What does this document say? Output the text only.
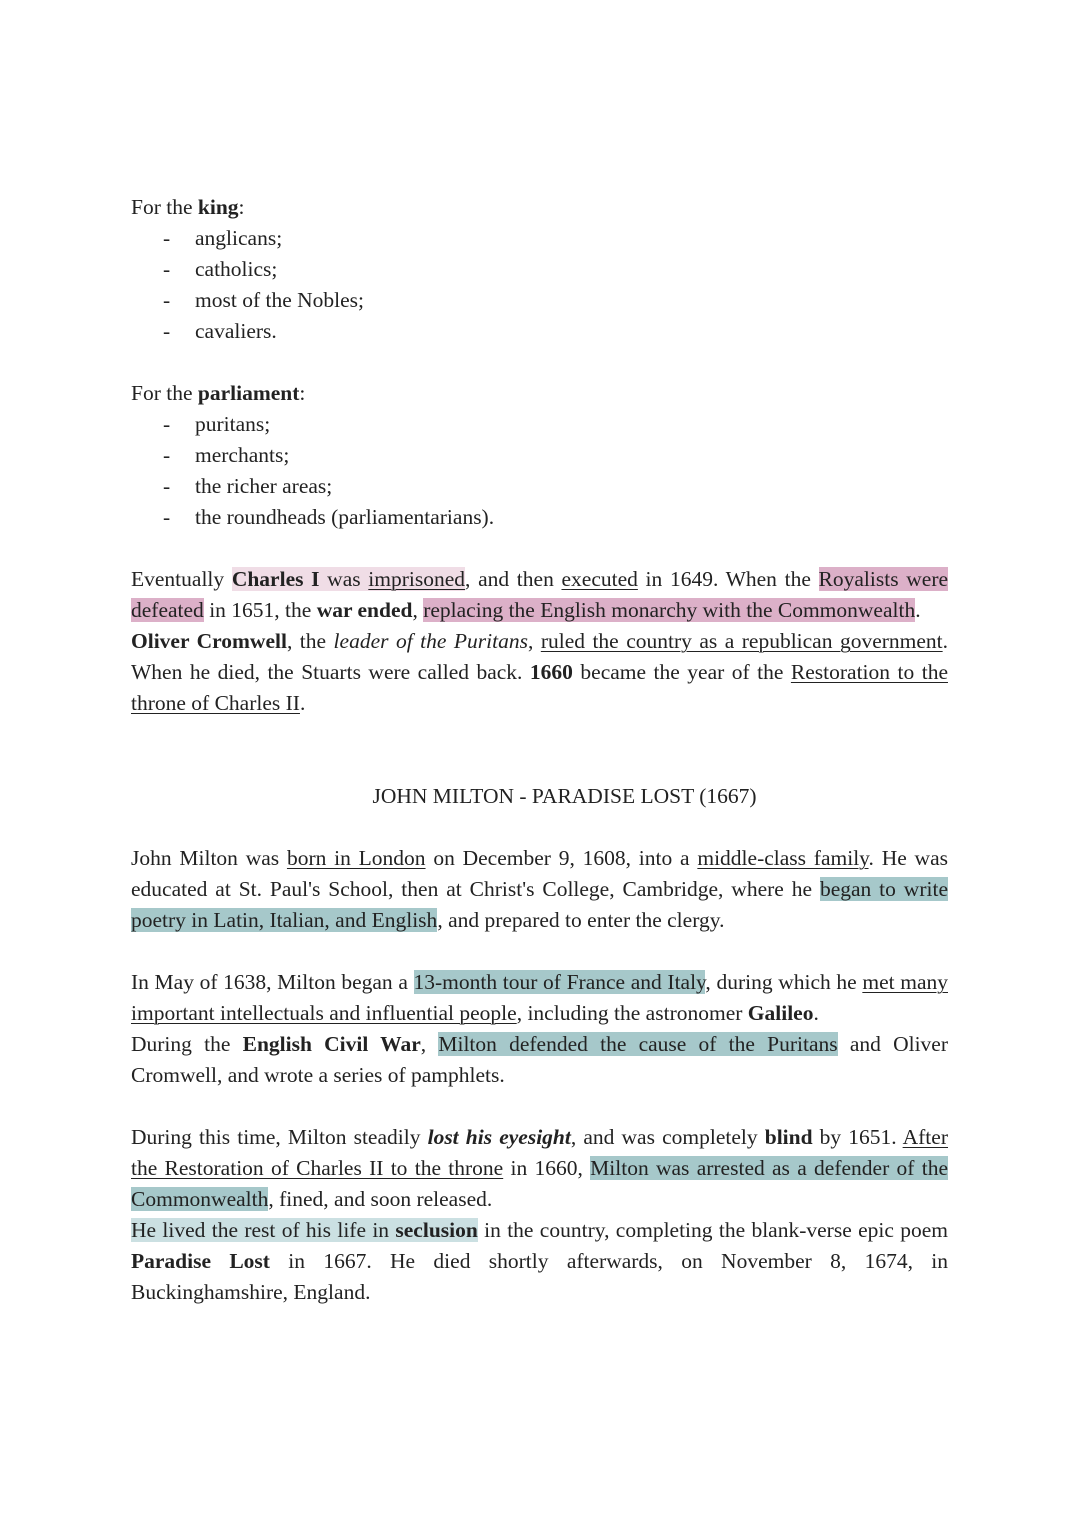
For the king:

- anglicans;
- catholics;
- most of the Nobles;
- cavaliers.

For the parliament:

- puritans;
- merchants;
- the richer areas;
- the roundheads (parliamentarians).

Eventually Charles I was imprisoned, and then executed in 1649. When the Royalists were defeated in 1651, the war ended, replacing the English monarchy with the Commonwealth.

Oliver Cromwell, the leader of the Puritans, ruled the country as a republican government. When he died, the Stuarts were called back. 1660 became the year of the Restoration to the throne of Charles II.

JOHN MILTON - PARADISE LOST (1667)

John Milton was born in London on December 9, 1608, into a middle-class family. He was educated at St. Paul's School, then at Christ's College, Cambridge, where he began to write poetry in Latin, Italian, and English, and prepared to enter the clergy.

In May of 1638, Milton began a 13-month tour of France and Italy, during which he met many important intellectuals and influential people, including the astronomer Galileo.

During the English Civil War, Milton defended the cause of the Puritans and Oliver Cromwell, and wrote a series of pamphlets.

During this time, Milton steadily lost his eyesight, and was completely blind by 1651. After the Restoration of Charles II to the throne in 1660, Milton was arrested as a defender of the Commonwealth, fined, and soon released.

He lived the rest of his life in seclusion in the country, completing the blank-verse epic poem Paradise Lost in 1667. He died shortly afterwards, on November 8, 1674, in Buckinghamshire, England.
